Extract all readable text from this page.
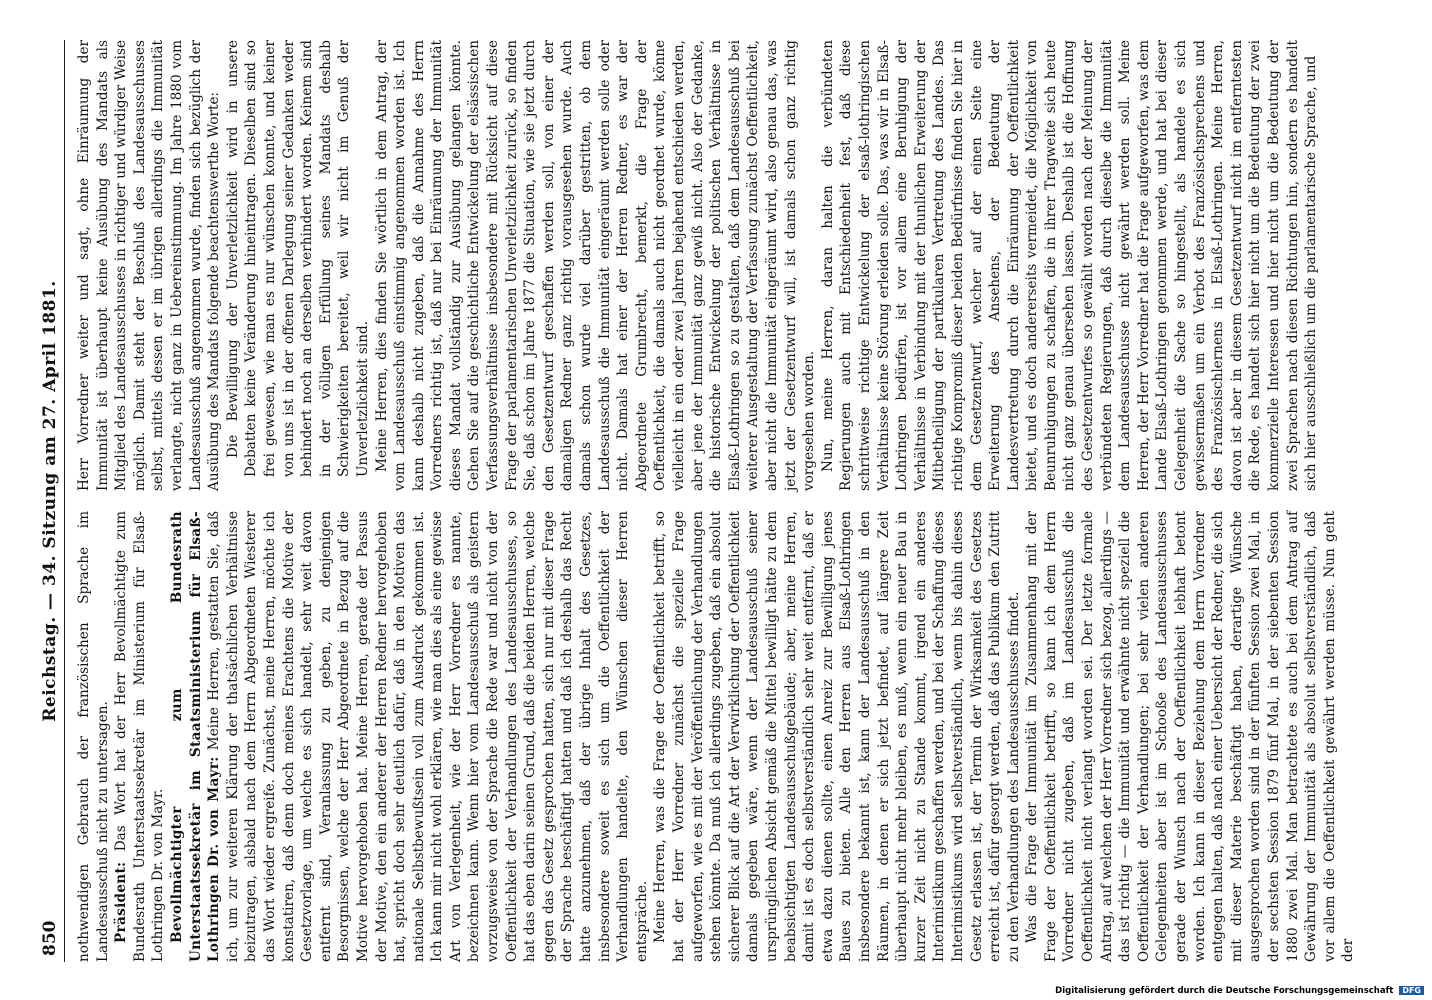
850
Reichstag. — 34. Sitzung am 27. April 1881.

nothwendigen Gebrauch der französischen Sprache im Landesausschuß nicht zu untersagen. Präsident: Das Wort hat der Herr Bevollmächtigte zum Bundesrath Unterstaatssekretär im Ministerium für Elsaß-Lothringen Dr. von Mayr. Bevollmächtigter zum Bundesrath Unterstaatssekretär im Staatsministerium für Elsaß-Lothringen Dr. von Mayr: Meine Herren, gestatten Sie, daß ich, um zur weiteren Klärung der thatsächlichen Verhältnisse beizutragen, alsbald nach dem Herrn Abgeordneten Wiesterer das Wort wieder ergreife. Zunächst, meine Herren, möchte ich konstatiren, daß denn doch meines Erachtens die Motive der Gesetzvorlage, um welche es sich handelt, sehr weit davon entfernt sind, Veranlassung zu geben, zu denjenigen Besorgnissen, welche der Herr Abgeordnete in Bezug auf die Motive hervorgehoben hat. Meine Herren, gerade der Passus der Motive, den ein anderer der Herren Redner hervorgehoben hat, spricht doch sehr deutlich dafür, daß in den Motiven das nationale Selbstbewußtsein voll zum Ausdruck gekommen ist. Ich kann mir nicht wohl erklären, wie man dies als eine gewisse Art von Verlegenheit, wie der Herr Vorredner es nannte, bezeichnen kann. Wenn hier vom Landesausschuß als geistern vorzugsweise von der Sprache die Rede war und nicht von der Oeffentlichkeit der Verhandlungen des Landesausschusses, so hat das eben darin seinen Grund, daß die beiden Herren, welche gegen das Gesetz gesprochen hatten, sich nur mit dieser Frage der Sprache beschäftigt hatten und daß ich deshalb das Recht hatte anzunehmen, daß der übrige Inhalt des Gesetzes, insbesondere soweit es sich um die Oeffentlichkeit der Verhandlungen handelte, den Wünschen dieser Herren entspräche. Meine Herren, was die Frage der Oeffentlichkeit betrifft, so hat der Herr Vorredner zunächst die spezielle Frage aufgeworfen, wie es mit der Veröffentlichung der Verhandlungen stehen könnte. Da muß ich allerdings zugeben, daß ein absolut sicherer Blick auf die Art der Verwirklichung der Oeffentlichkeit damals gegeben wäre, wenn der Landesausschuß seiner ursprünglichen Absicht gemäß die Mittel bewilligt hätte zu dem beabsichtigten Landesausschußgebäude; aber, meine Herren, damit ist es doch selbstverständlich sehr weit entfernt, daß er etwa dazu dienen sollte, einen Anreiz zur Bewilligung jenes Baues zu bieten. Alle den Herren aus Elsaß-Lothringen insbesondere bekannt ist, kann der Landesausschuß in den Räumen, in denen er sich jetzt befindet, auf längere Zeit überhaupt nicht mehr bleiben, es muß, wenn ein neuer Bau in kurzer Zeit nicht zu Stande kommt, irgend ein anderes Interimistikum geschaffen werden, und bei der Schaffung dieses Interimistikums wird selbstverständlich, wenn bis dahin dieses Gesetz erlassen ist, der Termin der Wirksamkeit des Gesetzes erreicht ist, dafür gesorgt werden, daß das Publikum den Zutritt zu den Verhandlungen des Landesausschusses findet. Was die Frage der Immunität im Zusammenhang mit der Frage der Oeffentlichkeit betrifft, so kann ich dem Herrn Vorredner nicht zugeben, daß im Landesausschuß die Oeffentlichkeit nicht verlangt worden sei. Der letzte formale Antrag, auf welchen der Herr Vorredner sich bezog, allerdings — das ist richtig — die Immunität und erwähnte nicht speziell die Oeffentlichkeit der Verhandlungen; bei sehr vielen anderen Gelegenheiten aber ist im Schooße des Landesausschusses gerade der Wunsch nach der Oeffentlichkeit lebhaft betont worden. Ich kann in dieser Beziehung dem Herrn Vorredner entgegen halten, daß nach einer Uebersicht der Redner, die sich mit dieser Materie beschäftigt haben, derartige Wünsche ausgesprochen worden sind in der fünften Session zwei Mal, in der sechsten Session 1879 fünf Mal, in der siebenten Session 1880 zwei Mal. Man betrachtete es auch bei dem Antrag auf Gewährung der Immunität als absolut selbstverständlich, daß vor allem die Oeffentlichkeit gewährt werden müsse. Nun geht der

Herr Vorredner weiter und sagt, ohne Einräumung der Immunität ist überhaupt keine Ausübung des Mandats als Mitglied des Landesausschusses in richtiger und würdiger Weise möglich. Damit steht der Beschluß des Landesausschusses selbst, mittels dessen er im übrigen allerdings die Immunität verlangte, nicht ganz in Uebereinstimmung. Im Jahre 1880 vom Landesausschuß angenommen wurde, finden sich bezüglich der Ausübung des Mandats folgende beachtenswerthe Worte: Die Bewilligung der Unverletzlichkeit wird in unsere Debatten keine Veränderung hineintragen. Dieselben sind so frei gewesen, wie man es nur wünschen konnte, und keiner von uns ist in der offenen Darlegung seiner Gedanken weder behindert noch an derselben verhindert worden. Keinem sind in der völligen Erfüllung seines Mandats deshalb Schwierigkeiten bereitet, weil wir nicht im Genuß der Unverletzlichkeit sind. Meine Herren, dies finden Sie wörtlich in dem Antrag, der vom Landesausschuß einstimmig angenommen worden ist. Ich kann deshalb nicht zugeben, daß die Annahme des Herrn Vorredners richtig ist, daß nur bei Einräumung der Immunität dieses Mandat vollständig zur Ausübung gelangen könnte. Gehen Sie auf die geschichtliche Entwickelung der elsässischen Verfassungsverhältnisse insbesondere mit Rücksicht auf diese Frage der parlamentarischen Unverletzlichkeit zurück, so finden Sie, daß schon im Jahre 1877 die Situation, wie sie jetzt durch den Gesetzentwurf geschaffen werden soll, von einer der damaligen Redner ganz richtig vorausgesehen wurde. Auch damals schon wurde viel darüber gestritten, ob dem Landesausschuß die Immunität eingeräumt werden solle oder nicht. Damals hat einer der Herren Redner, es war der Abgeordnete Grumbrecht, bemerkt, die Frage der Oeffentlichkeit, die damals auch nicht geordnet wurde, könne vielleicht in ein oder zwei Jahren bejahend entschieden werden, aber jene der Immunität ganz gewiß nicht. Also der Gedanke, die historische Entwickelung der politischen Verhältnisse in Elsaß-Lothringen so zu gestalten, daß dem Landesausschuß bei weiterer Ausgestaltung der Verfassung zunächst Oeffentlichkeit, aber nicht die Immunität eingeräumt wird, also genau das, was jetzt der Gesetzentwurf will, ist damals schon ganz richtig vorgesehen worden. Nun, meine Herren, daran halten die verbündeten Regierungen auch mit Entschiedenheit fest, daß diese schrittweise richtige Entwickelung der elsaß-lothringischen Verhältnisse keine Störung erleiden solle. Das, was wir in Elsaß-Lothringen bedürfen, ist vor allem eine Beruhigung der Verhältnisse in Verbindung mit der thunlichen Erweiterung der Mitbetheiligung der partikularen Vertretung des Landes. Das richtige Kompromiß dieser beiden Bedürfnisse finden Sie hier in dem Gesetzentwurf, welcher auf der einen Seite eine Erweiterung des Ansehens, der Bedeutung der Landesvertretung durch die Einräumung der Oeffentlichkeit bietet, und es doch andererseits vermeidet, die Möglichkeit von Beunruhigungen zu schaffen, die in ihrer Tragweite sich heute nicht ganz genau übersehen lassen. Deshalb ist die Hoffnung des Gesetzentwurfes so gewählt worden nach der Meinung der verbündeten Regierungen, daß durch dieselbe die Immunität dem Landesausschusse nicht gewährt werden soll. Meine Herren, der Herr Vorredner hat die Frage aufgeworfen, was dem Lande Elsaß-Lothringen genommen werde, und hat bei dieser Gelegenheit die Sache so hingestellt, als handele es sich gewissermaßen um ein Verbot des Französischsprechens und des Französischlernens in Elsaß-Lothringen. Meine Herren, davon ist aber in diesem Gesetzentwurf nicht im entferntesten die Rede, es handelt sich hier nicht um die Bedeutung der zwei kommerzielle Interessen und hier nicht um die Bedeutung der zwei Sprachen nach diesen Richtungen hin, sondern es handelt sich hier ausschließlich um die parlamentarische Sprache, und

Digitalisierung gefördert durch die Deutsche Forschungsgemeinschaft DFG
